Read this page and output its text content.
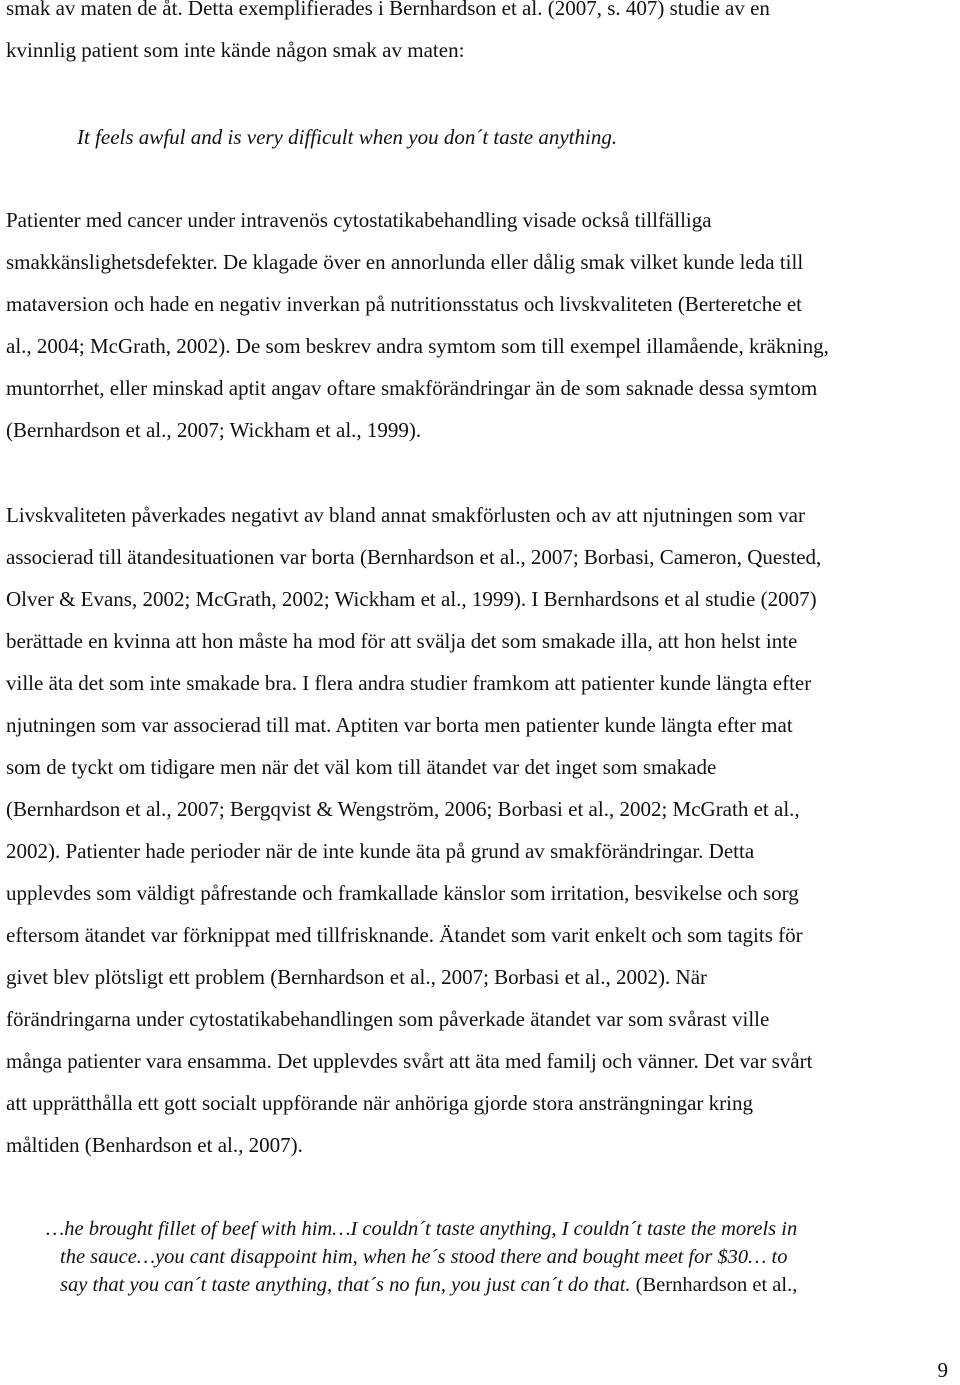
smak av maten de åt. Detta exemplifierades i Bernhardson et al. (2007, s. 407) studie av en
kvinnlig patient som inte kände någon smak av maten:
It feels awful and is very difficult when you don´t taste anything.
Patienter med cancer under intravenös cytostatikabehandling visade också tillfälliga
smakkänslighetsdefekter. De klagade över en annorlunda eller dålig smak vilket kunde leda till
mataversion och hade en negativ inverkan på nutritionsstatus och livskvaliteten (Berteretche et
al., 2004; McGrath, 2002). De som beskrev andra symtom som till exempel illamående, kräkning,
muntorrhet, eller minskad aptit angav oftare smakförändringar än de som saknade dessa symtom
(Bernhardson et al., 2007; Wickham et al., 1999).
Livskvaliteten påverkades negativt av bland annat smakförlusten och av att njutningen som var
associerad till ätandesituationen var borta (Bernhardson et al., 2007; Borbasi, Cameron, Quested,
Olver & Evans, 2002; McGrath, 2002; Wickham et al., 1999). I Bernhardsons et al studie (2007)
berättade en kvinna att hon måste ha mod för att svälja det som smakade illa, att hon helst inte
ville äta det som inte smakade bra. I flera andra studier framkom att patienter kunde längta efter
njutningen som var associerad till mat. Aptiten var borta men patienter kunde längta efter mat
som de tyckt om tidigare men när det väl kom till ätandet var det inget som smakade
(Bernhardson et al., 2007; Bergqvist & Wengström, 2006; Borbasi et al., 2002; McGrath et al.,
2002). Patienter hade perioder när de inte kunde äta på grund av smakförändringar. Detta
upplevdes som väldigt påfrestande och framkallade känslor som irritation, besvikelse och sorg
eftersom ätandet var förknippat med tillfrisknande. Ätandet som varit enkelt och som tagits för
givet blev plötsligt ett problem (Bernhardson et al., 2007; Borbasi et al., 2002). När
förändringarna under cytostatikabehandlingen som påverkade ätandet var som svårast ville
många patienter vara ensamma. Det upplevdes svårt att äta med familj och vänner. Det var svårt
att upprätthålla ett gott socialt uppförande när anhöriga gjorde stora ansträngningar kring
måltiden (Benhardson et al., 2007).
…he brought fillet of beef with him…I couldn´t taste anything, I couldn´t taste the morels in
the sauce…you cant disappoint him, when he´s stood there and bought meet for $30… to
say that you can´t taste anything, that´s no fun, you just can´t do that. (Bernhardson et al.,
9
